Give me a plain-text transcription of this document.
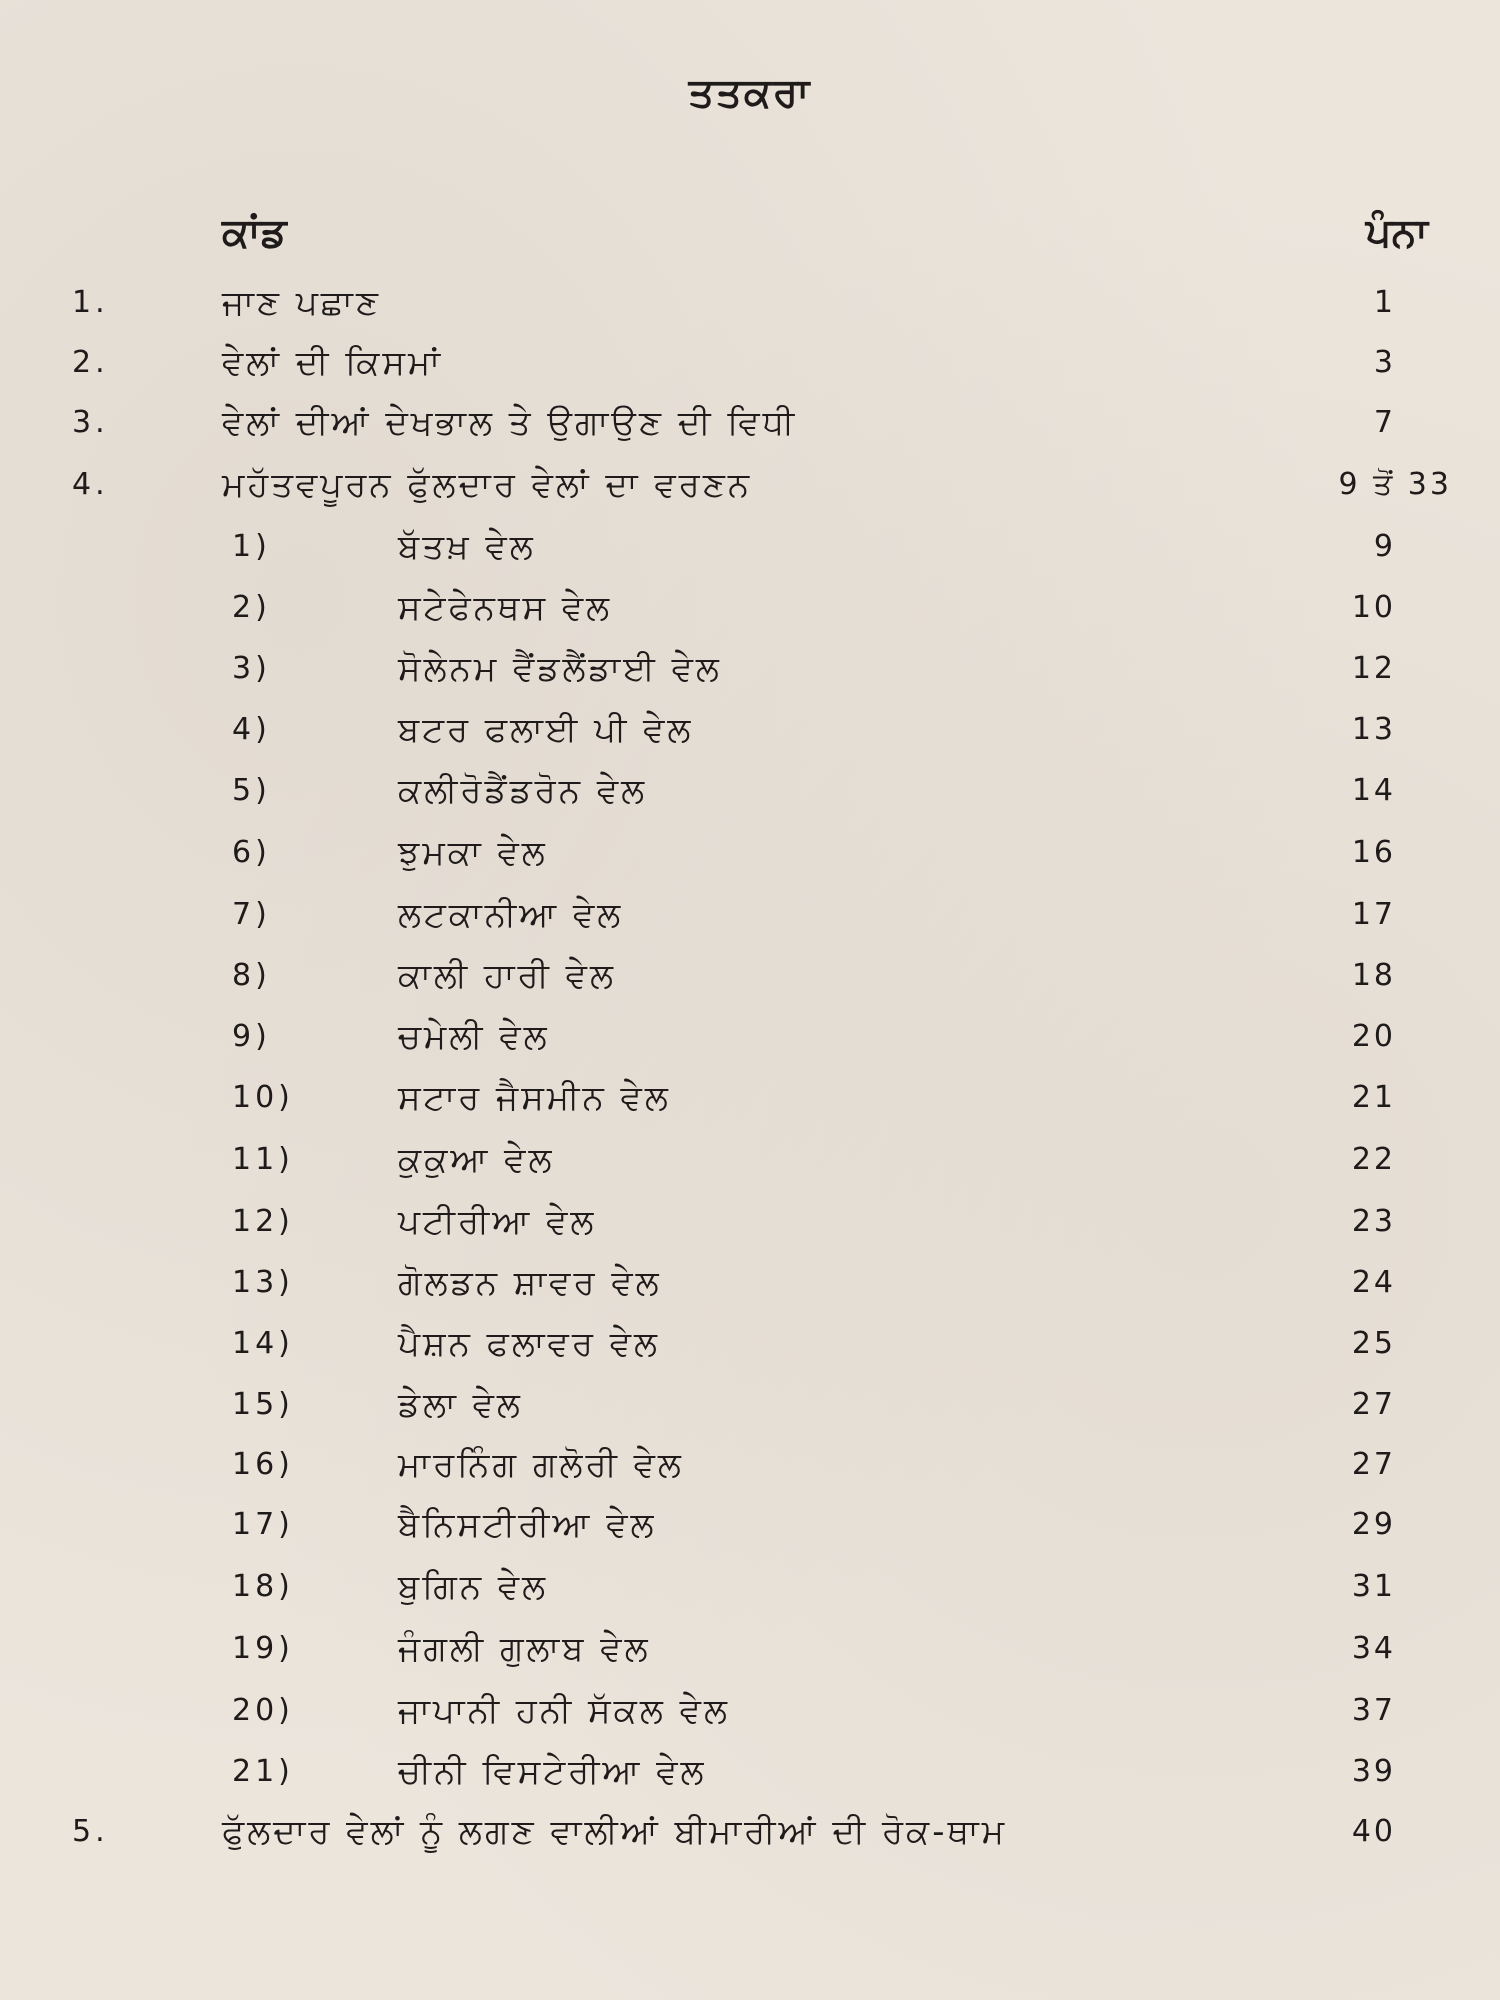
ਤਤਕਰਾ
ਕਾਂਡ	ਪੰਨਾ
1.	ਜਾਣ ਪਛਾਣ	1
2.	ਵੇਲਾਂ ਦੀ ਕਿਸਮਾਂ	3
3.	ਵੇਲਾਂ ਦੀਆਂ ਦੇਖਭਾਲ ਤੇ ਉਗਾਉਣ ਦੀ ਵਿਧੀ	7
4.	ਮਹੱਤਵਪੂਰਨ ਫੁੱਲਦਾਰ ਵੇਲਾਂ ਦਾ ਵਰਣਨ	9 ਤੋਂ 33
1)	ਬੱਤਖ਼ ਵੇਲ	9
2)	ਸਟੇਫੇਨਥਸ ਵੇਲ	10
3)	ਸੋਲੇਨਮ ਵੈਂਡਲੈਂਡਾਈ ਵੇਲ	12
4)	ਬਟਰ ਫਲਾਈ ਪੀ ਵੇਲ	13
5)	ਕਲੀਰੋਡੈਂਡਰੋਨ ਵੇਲ	14
6)	ਝੁਮਕਾ ਵੇਲ	16
7)	ਲਟਕਾਨੀਆ ਵੇਲ	17
8)	ਕਾਲੀ ਹਾਰੀ ਵੇਲ	18
9)	ਚਮੇਲੀ ਵੇਲ	20
10)	ਸਟਾਰ ਜੈਸਮੀਨ ਵੇਲ	21
11)	ਕੁਕੁਆ ਵੇਲ	22
12)	ਪਟੀਰੀਆ ਵੇਲ	23
13)	ਗੋਲਡਨ ਸ਼ਾਵਰ ਵੇਲ	24
14)	ਪੈਸ਼ਨ ਫਲਾਵਰ ਵੇਲ	25
15)	ਡੇਲਾ ਵੇਲ	27
16)	ਮਾਰਨਿੰਗ ਗਲੋਰੀ ਵੇਲ	27
17)	ਬੈਨਿਸਟੀਰੀਆ ਵੇਲ	29
18)	ਬੁਗਿਨ ਵੇਲ	31
19)	ਜੰਗਲੀ ਗੁਲਾਬ ਵੇਲ	34
20)	ਜਾਪਾਨੀ ਹਨੀ ਸੱਕਲ ਵੇਲ	37
21)	ਚੀਨੀ ਵਿਸਟੇਰੀਆ ਵੇਲ	39
5.	ਫੁੱਲਦਾਰ ਵੇਲਾਂ ਨੂੰ ਲਗਣ ਵਾਲੀਆਂ ਬੀਮਾਰੀਆਂ ਦੀ ਰੋਕ-ਥਾਮ	40
